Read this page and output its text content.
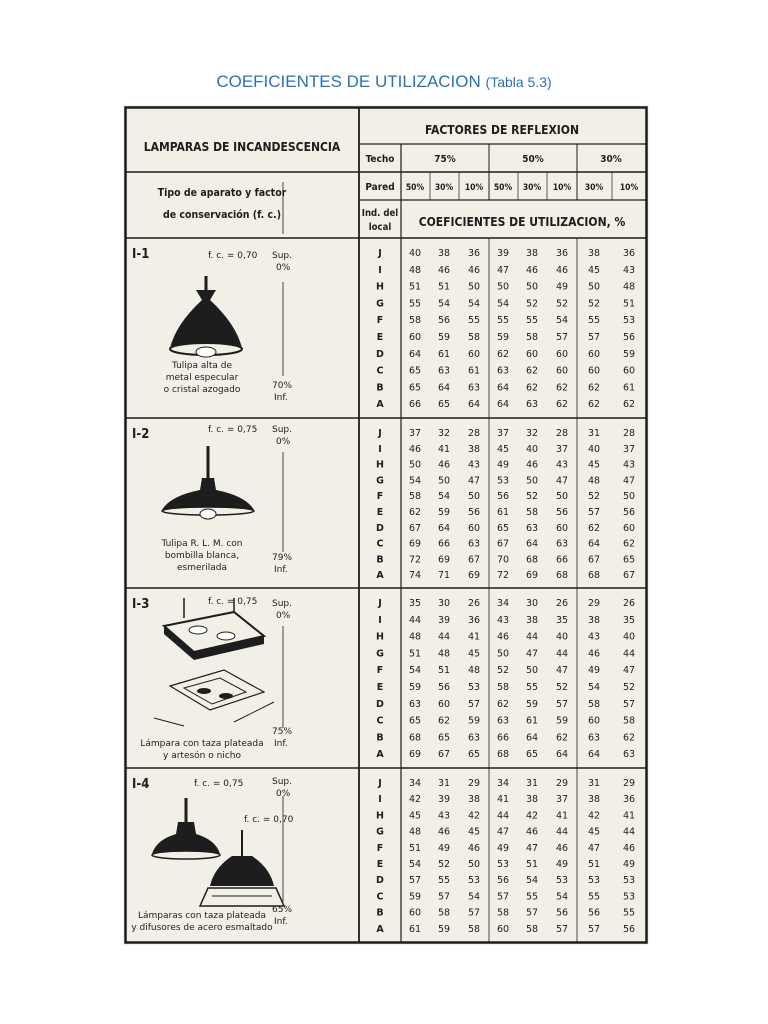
COEFICIENTES DE UTILIZACION (Tabla 5.3)
LAMPARAS DE INCANDESCENCIA
FACTORES DE REFLEXION
Techo
Pared
75%	50%	30%
50% 30% 10% 50% 30% 10% 30% 10%
Tipo de aparato y factor
de conservación (f. c.)	Ind. del
local COEFICIENTES DE UTILIZACION, %
I-1	f. c. = 0,70 Sup.
0%
70%
Inf.
Tulipa alta de
metal especular
o cristal azogado
J	40 38 36 39 38 36 38 36
I	48 46 46 47 46 46 45 43
H	51 51 50 50 50 49 50 48
G	55 54 54 54 52 52 52 51
F	58 56 55 55 55 54 55 53
E	60 59 58 59 58 57 57 56
D	64 61 60 62 60 60 60 59
C	65 63 61 63 62 60 60 60
B	65 64 63 64 62 62 62 61
A	66 65 64 64 63 62 62 62
I-2	f. c. = 0,75 Sup.
0%
79%
Inf.
Tulipa R. L. M. con
bombilla blanca,
esmerilada
J	37 32 28 37 32 28 31 28
I	46 41 38 45 40 37 40 37
H	50 46 43 49 46 43 45 43
G	54 50 47 53 50 47 48 47
F	58 54 50 56 52 50 52 50
E	62 59 56 61 58 56 57 56
D	67 64 60 65 63 60 62 60
C	69 66 63 67 64 63 64 62
B	72 69 67 70 68 66 67 65
A	74 71 69 72 69 68 68 67
I-3	f. c. = 0,75 Sup.
0%
75%
Inf.
Lámpara con taza plateada
y artesón o nicho
J	35 30 26 34 30 26 29 26
I	44 39 36 43 38 35 38 35
H	48 44 41 46 44 40 43 40
G	51 48 45 50 47 44 46 44
F	54 51 48 52 50 47 49 47
E	59 56 53 58 55 52 54 52
D	63 60 57 62 59 57 58 57
C	65 62 59 63 61 59 60 58
B	68 65 63 66 64 62 63 62
A	69 67 65 68 65 64 64 63
I-4	f. c. = 0,75
f. c. = 0,70
Sup.
0%
65%
Inf.
Lámparas con taza plateada
y difusores de acero esmaltado
J	34 31 29 34 31 29 31 29
I	42 39 38 41 38 37 38 36
H	45 43 42 44 42 41 42 41
G	48 46 45 47 46 44 45 44
F	51 49 46 49 47 46 47 46
E	54 52 50 53 51 49 51 49
D	57 55 53 56 54 53 53 53
C	59 57 54 57 55 54 55 53
B	60 58 57 58 57 56 56 55
A	61 59 58 60 58 57 57 56
